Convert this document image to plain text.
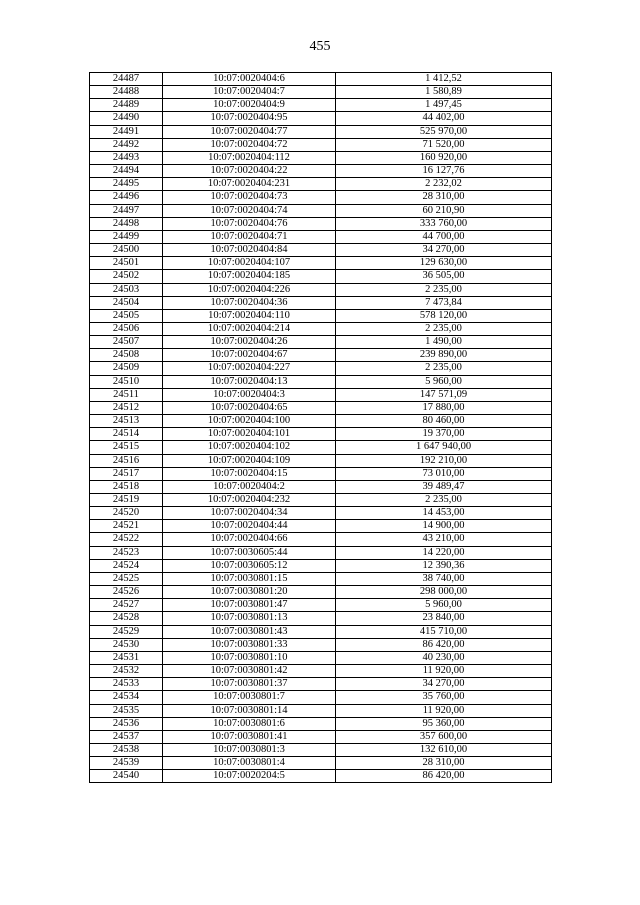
455
24487	10:07:0020404:6	1 412,52
24488	10:07:0020404:7	1 580,89
24489	10:07:0020404:9	1 497,45
24490	10:07:0020404:95	44 402,00
24491	10:07:0020404:77	525 970,00
24492	10:07:0020404:72	71 520,00
24493	10:07:0020404:112	160 920,00
24494	10:07:0020404:22	16 127,76
24495	10:07:0020404:231	2 232,02
24496	10:07:0020404:73	28 310,00
24497	10:07:0020404:74	60 210,90
24498	10:07:0020404:76	333 760,00
24499	10:07:0020404:71	44 700,00
24500	10:07:0020404:84	34 270,00
24501	10:07:0020404:107	129 630,00
24502	10:07:0020404:185	36 505,00
24503	10:07:0020404:226	2 235,00
24504	10:07:0020404:36	7 473,84
24505	10:07:0020404:110	578 120,00
24506	10:07:0020404:214	2 235,00
24507	10:07:0020404:26	1 490,00
24508	10:07:0020404:67	239 890,00
24509	10:07:0020404:227	2 235,00
24510	10:07:0020404:13	5 960,00
24511	10:07:0020404:3	147 571,09
24512	10:07:0020404:65	17 880,00
24513	10:07:0020404:100	80 460,00
24514	10:07:0020404:101	19 370,00
24515	10:07:0020404:102	1 647 940,00
24516	10:07:0020404:109	192 210,00
24517	10:07:0020404:15	73 010,00
24518	10:07:0020404:2	39 489,47
24519	10:07:0020404:232	2 235,00
24520	10:07:0020404:34	14 453,00
24521	10:07:0020404:44	14 900,00
24522	10:07:0020404:66	43 210,00
24523	10:07:0030605:44	14 220,00
24524	10:07:0030605:12	12 390,36
24525	10:07:0030801:15	38 740,00
24526	10:07:0030801:20	298 000,00
24527	10:07:0030801:47	5 960,00
24528	10:07:0030801:13	23 840,00
24529	10:07:0030801:43	415 710,00
24530	10:07:0030801:33	86 420,00
24531	10:07:0030801:10	40 230,00
24532	10:07:0030801:42	11 920,00
24533	10:07:0030801:37	34 270,00
24534	10:07:0030801:7	35 760,00
24535	10:07:0030801:14	11 920,00
24536	10:07:0030801:6	95 360,00
24537	10:07:0030801:41	357 600,00
24538	10:07:0030801:3	132 610,00
24539	10:07:0030801:4	28 310,00
24540	10:07:0020204:5	86 420,00
